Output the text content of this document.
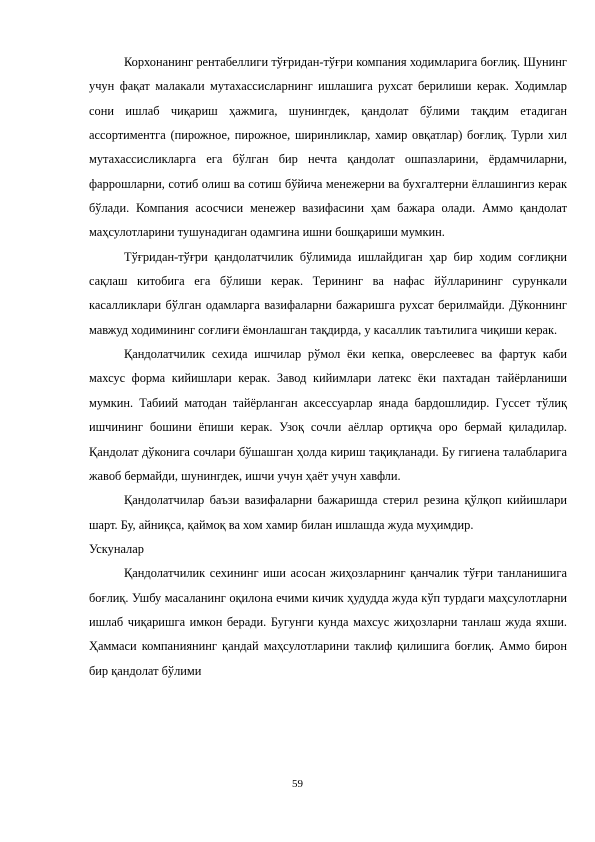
Корхонанинг рентабеллиги тўғридан-тўғри компания ходимларига боғлиқ. Шунинг учун фақат малакали мутахассисларнинг ишлашига рухсат берилиши керак. Ходимлар сони ишлаб чиқариш ҳажмига, шунингдек, қандолат бўлими тақдим етадиган ассортиментга (пирожное, пирожное, ширинликлар, хамир овқатлар) боғлиқ. Турли хил мутахассисликларга ега бўлган бир нечта қандолат ошпазларини, ёрдамчиларни, фаррошларни, сотиб олиш ва сотиш бўйича менежерни ва бухгалтерни ёллашингиз керак бўлади. Компания асосчиси менежер вазифасини ҳам бажара олади. Аммо қандолат маҳсулотларини тушунадиган одамгина ишни бошқариши мумкин.

Тўғридан-тўғри қандолатчилик бўлимида ишлайдиган ҳар бир ходим соғлиқни сақлаш китобига ега бўлиши керак. Терининг ва нафас йўлларининг сурункали касалликлари бўлган одамларга вазифаларни бажаришга рухсат берилмайди. Дўконнинг мавжуд ходимининг соғлиғи ёмонлашган тақдирда, у касаллик таътилига чиқиши керак.

Қандолатчилик сехида ишчилар рўмол ёки кепка, оверслеевес ва фартук каби махсус форма кийишлари керак. Завод кийимлари латекс ёки пахтадан тайёрланиши мумкин. Табиий матодан тайёрланган аксессуарлар янада бардошлидир. Гуссет тўлиқ ишчининг бошини ёпиши керак. Узоқ сочли аёллар ортиқча оро бермай қиладилар. Қандолат дўконига сочлари бўшашган ҳолда кириш тақиқланади. Бу гигиена талабларига жавоб бермайди, шунингдек, ишчи учун ҳаёт учун хавфли.

Қандолатчилар баъзи вазифаларни бажаришда стерил резина қўлқоп кийишлари шарт. Бу, айниқса, қаймоқ ва хом хамир билан ишлашда жуда муҳимдир.

Ускуналар

Қандолатчилик сехининг иши асосан жиҳозларнинг қанчалик тўғри танланишига боғлиқ. Ушбу масаланинг оқилона ечими кичик ҳудудда жуда кўп турдаги маҳсулотларни ишлаб чиқаришга имкон беради. Бугунги кунда махсус жиҳозларни танлаш жуда яхши. Ҳаммаси компаниянинг қандай маҳсулотларини таклиф қилишига боғлиқ. Аммо бирон бир қандолат бўлими

59
